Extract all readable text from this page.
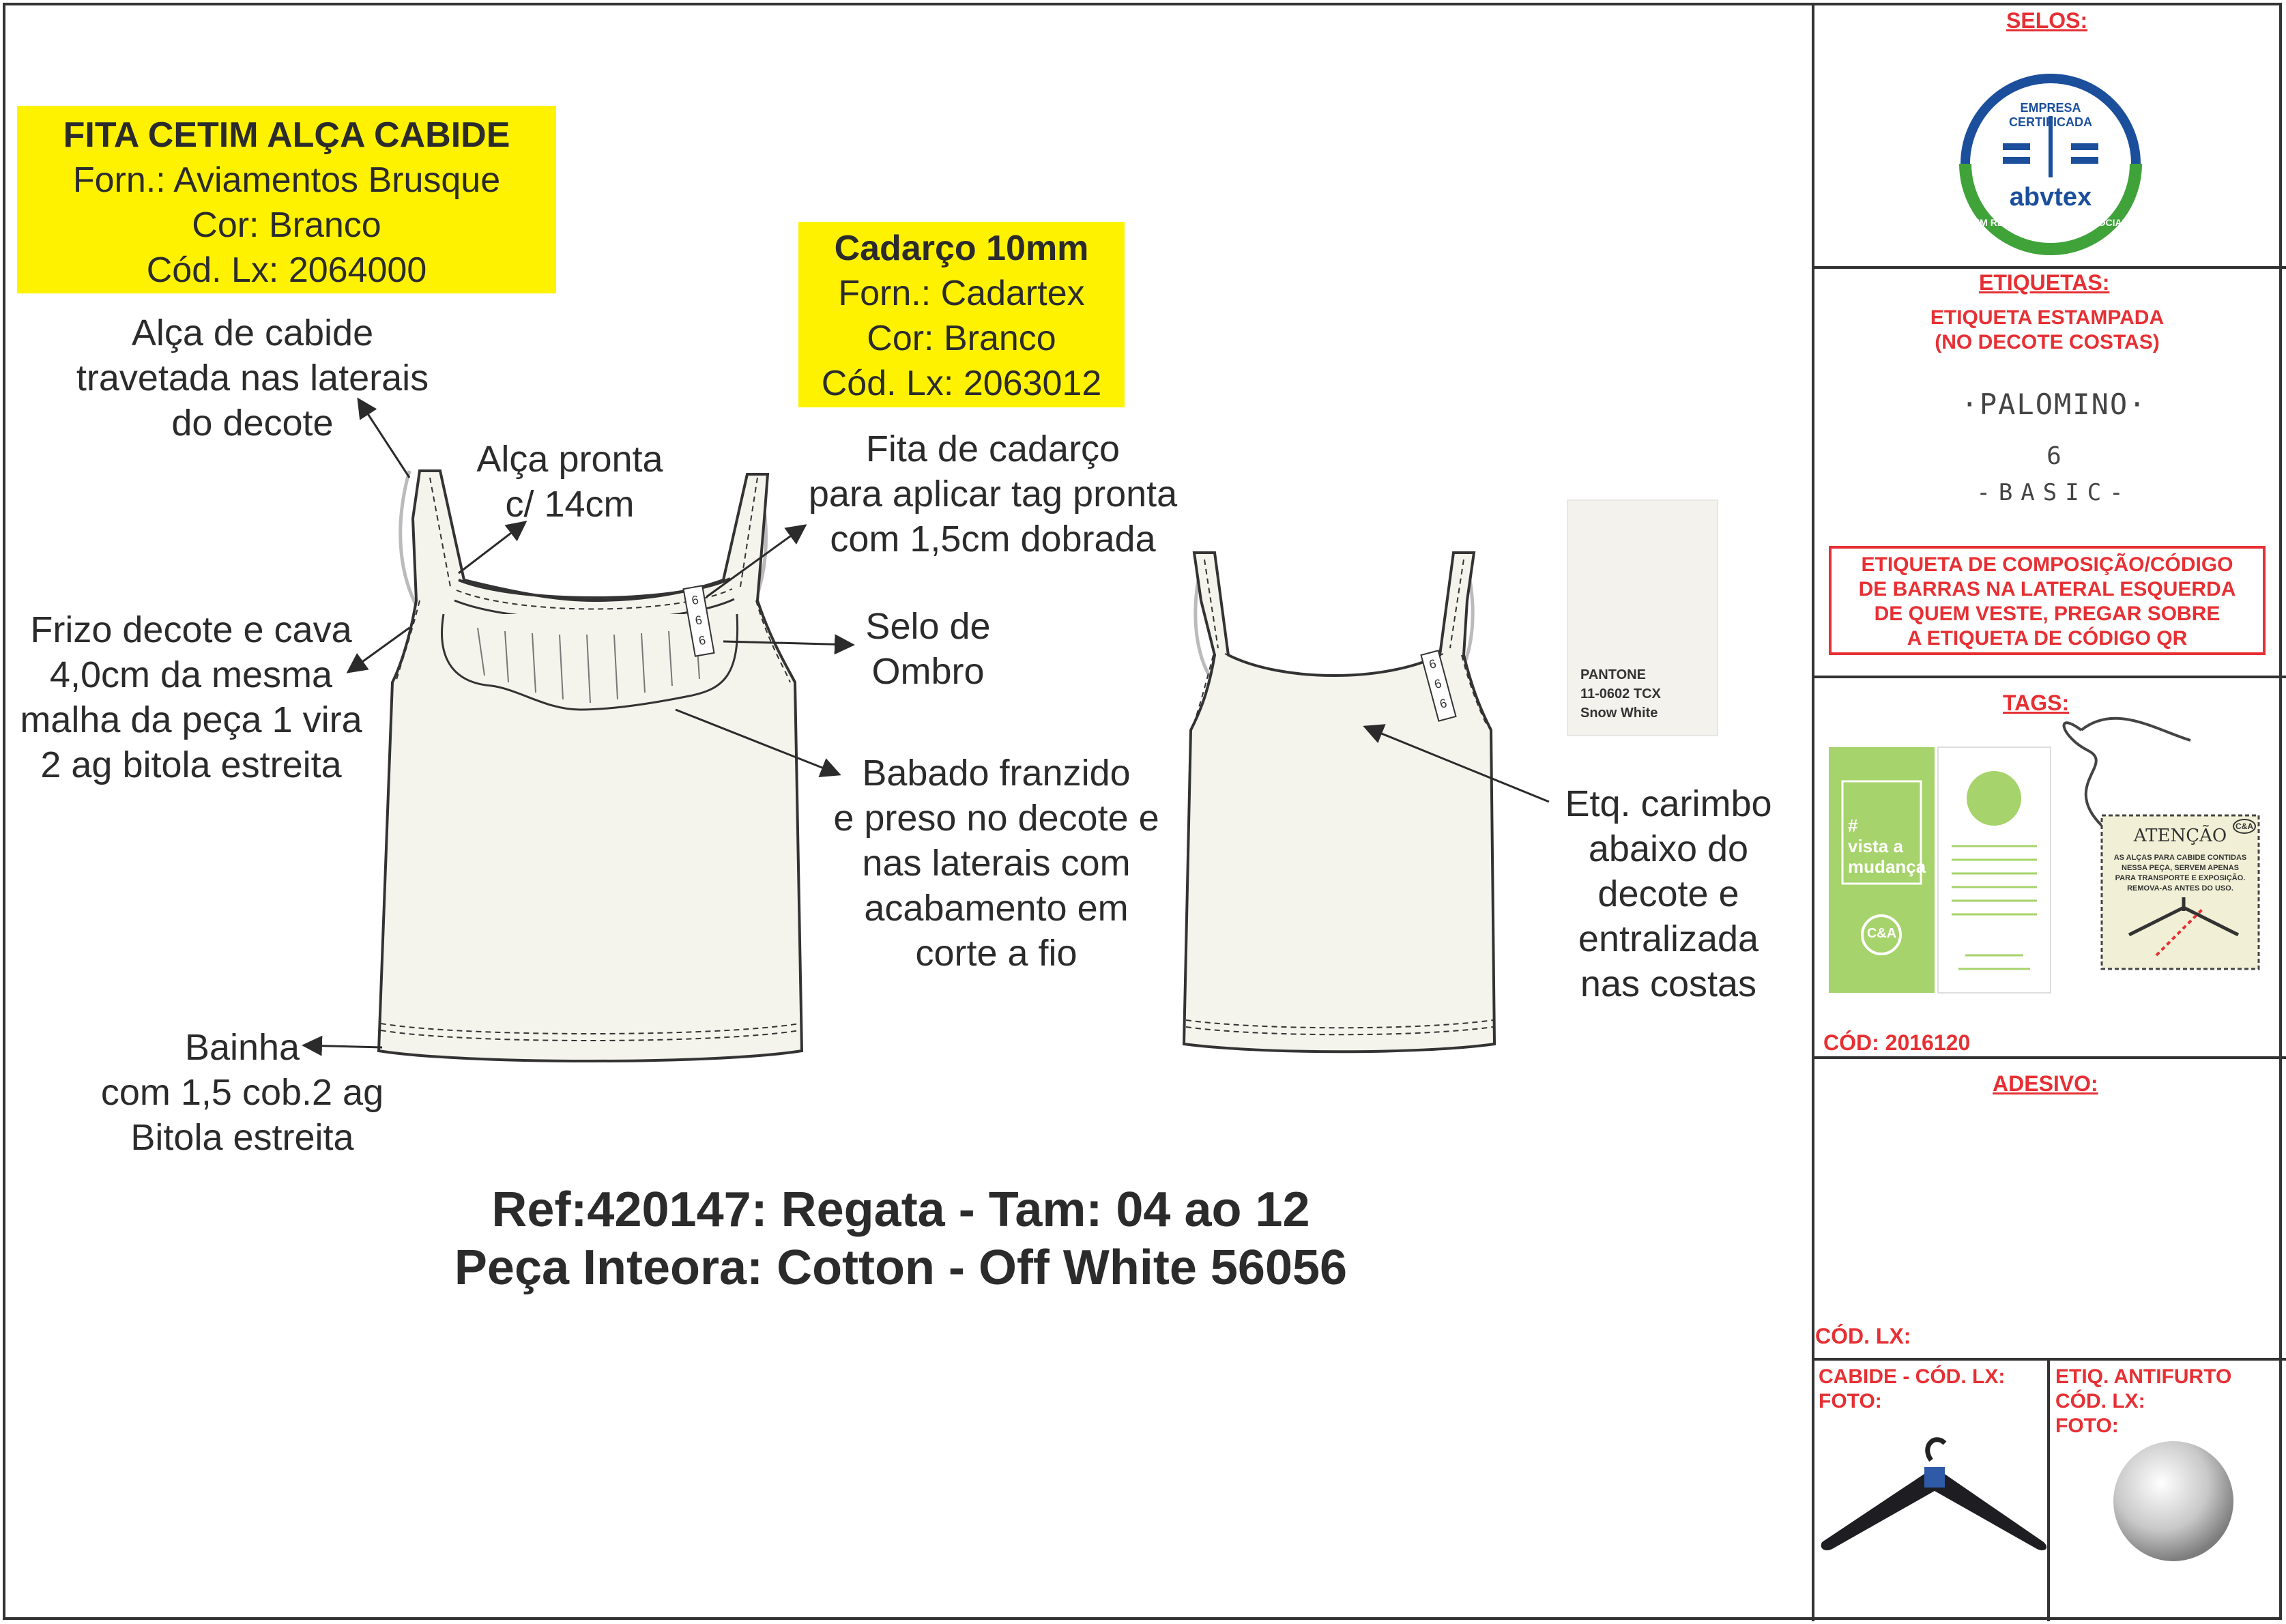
6
6
6
6
6
6
FITA CETIM ALÇA CABIDE
Forn.: Aviamentos Brusque
Cor: Branco
Cód. Lx: 2064000
Cadarço 10mm
Forn.: Cadartex
Cor: Branco
Cód. Lx: 2063012
Alça de cabide
travetada nas laterais
do decote
Alça pronta
c/ 14cm
Fita de cadarço
para aplicar tag pronta
com 1,5cm dobrada
Frizo decote e cava
4,0cm da mesma
malha da peça 1 vira
2 ag bitola estreita
Selo de
Ombro
Babado franzido
e preso no decote e
nas laterais com
acabamento em
corte a fio
Bainha
com 1,5 cob.2 ag
Bitola estreita
Etq. carimbo
abaixo do
decote e
entralizada
nas costas
PANTONE
11-0602 TCX
Snow White
Ref:420147: Regata - Tam: 04 ao 12
Peça Inteora: Cotton - Off White 56056
SELOS:
EMPRESA CERTIFICADA
abvtex
EM RESPONSABILIDADE SOCIAL
ETIQUETAS:
ETIQUETA ESTAMPADA
(NO DECOTE COSTAS)
·PALOMINO·
6
-BASIC-
ETIQUETA DE COMPOSIÇÃO/CÓDIGO
DE BARRAS NA LATERAL ESQUERDA
DE QUEM VESTE, PREGAR SOBRE
A ETIQUETA DE CÓDIGO QR
TAGS:
#
vista a
mudança
C&A
ATENÇÃO
AS ALÇAS PARA CABIDE CONTIDAS
NESSA PEÇA, SERVEM APENAS
PARA TRANSPORTE E EXPOSIÇÃO.
REMOVA-AS ANTES DO USO.
C&A
CÓD: 2016120
ADESIVO:
CÓD. LX:
CABIDE - CÓD. LX:
FOTO:
ETIQ. ANTIFURTO
CÓD. LX:
FOTO:
